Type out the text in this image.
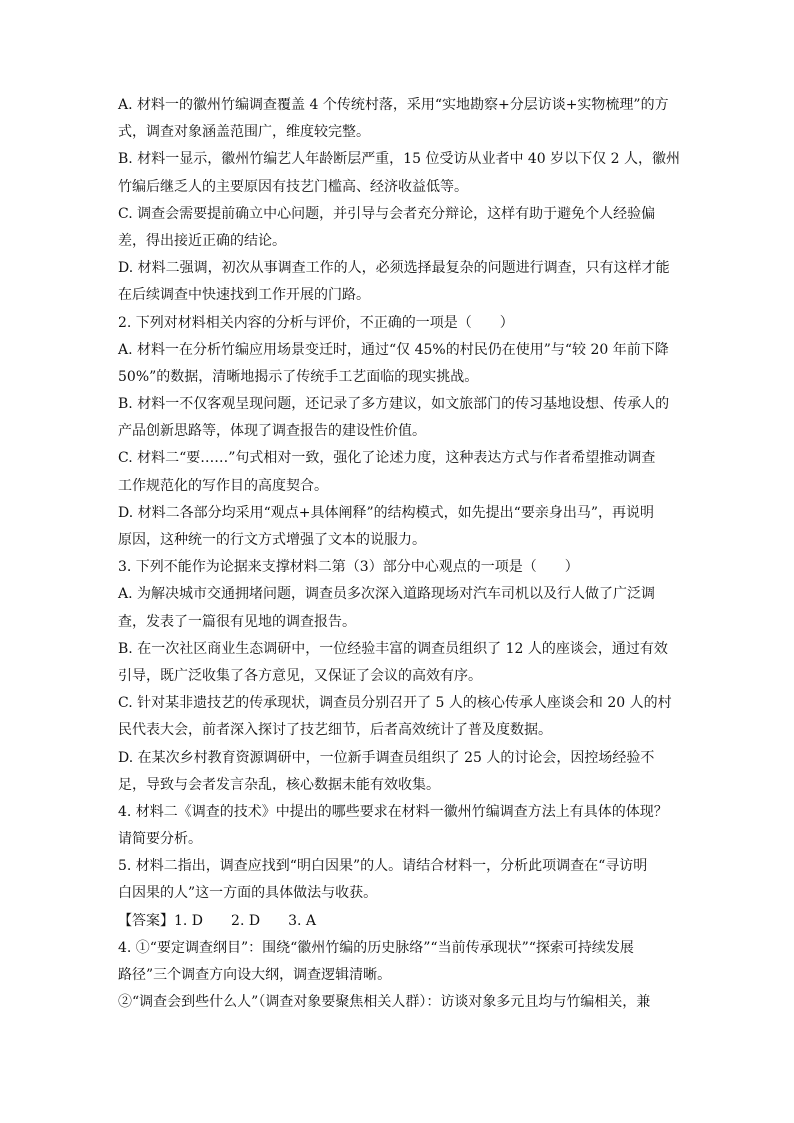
A. 材料一的徽州竹编调查覆盖 4 个传统村落，采用“实地勘察+分层访谈+实物梳理”的方
式，调查对象涵盖范围广，维度较完整。
B. 材料一显示，徽州竹编艺人年龄断层严重，15 位受访从业者中 40 岁以下仅 2 人，徽州
竹编后继乏人的主要原因有技艺门槛高、经济收益低等。
C. 调查会需要提前确立中心问题，并引导与会者充分辩论，这样有助于避免个人经验偏
差，得出接近正确的结论。
D. 材料二强调，初次从事调查工作的人，必须选择最复杂的问题进行调查，只有这样才能
在后续调查中快速找到工作开展的门路。
2. 下列对材料相关内容的分析与评价，不正确的一项是（　　）
A. 材料一在分析竹编应用场景变迁时，通过“仅 45%的村民仍在使用”与“较 20 年前下降
50%”的数据，清晰地揭示了传统手工艺面临的现实挑战。
B. 材料一不仅客观呈现问题，还记录了多方建议，如文旅部门的传习基地设想、传承人的
产品创新思路等，体现了调查报告的建设性价值。
C. 材料二“要……”句式相对一致，强化了论述力度，这种表达方式与作者希望推动调查
工作规范化的写作目的高度契合。
D. 材料二各部分均采用“观点+具体阐释”的结构模式，如先提出“要亲身出马”，再说明
原因，这种统一的行文方式增强了文本的说服力。
3. 下列不能作为论据来支撑材料二第（3）部分中心观点的一项是（　　）
A. 为解决城市交通拥堵问题，调查员多次深入道路现场对汽车司机以及行人做了广泛调
查，发表了一篇很有见地的调查报告。
B. 在一次社区商业生态调研中，一位经验丰富的调查员组织了 12 人的座谈会，通过有效
引导，既广泛收集了各方意见，又保证了会议的高效有序。
C. 针对某非遗技艺的传承现状，调查员分别召开了 5 人的核心传承人座谈会和 20 人的村
民代表大会，前者深入探讨了技艺细节，后者高效统计了普及度数据。
D. 在某次乡村教育资源调研中，一位新手调查员组织了 25 人的讨论会，因控场经验不
足，导致与会者发言杂乱，核心数据未能有效收集。
4. 材料二《调查的技术》中提出的哪些要求在材料一徽州竹编调查方法上有具体的体现？
请简要分析。
5. 材料二指出，调查应找到“明白因果”的人。请结合材料一，分析此项调查在“寻访明
白因果的人”这一方面的具体做法与收获。
【答案】1. D　　2. D　　3. A
4. ①“要定调查纲目”：围绕“徽州竹编的历史脉络”“当前传承现状”“探索可持续发展
路径”三个调查方向设大纲，调查逻辑清晰。
②“调查会到些什么人”（调查对象要聚焦相关人群）：访谈对象多元且均与竹编相关，兼
